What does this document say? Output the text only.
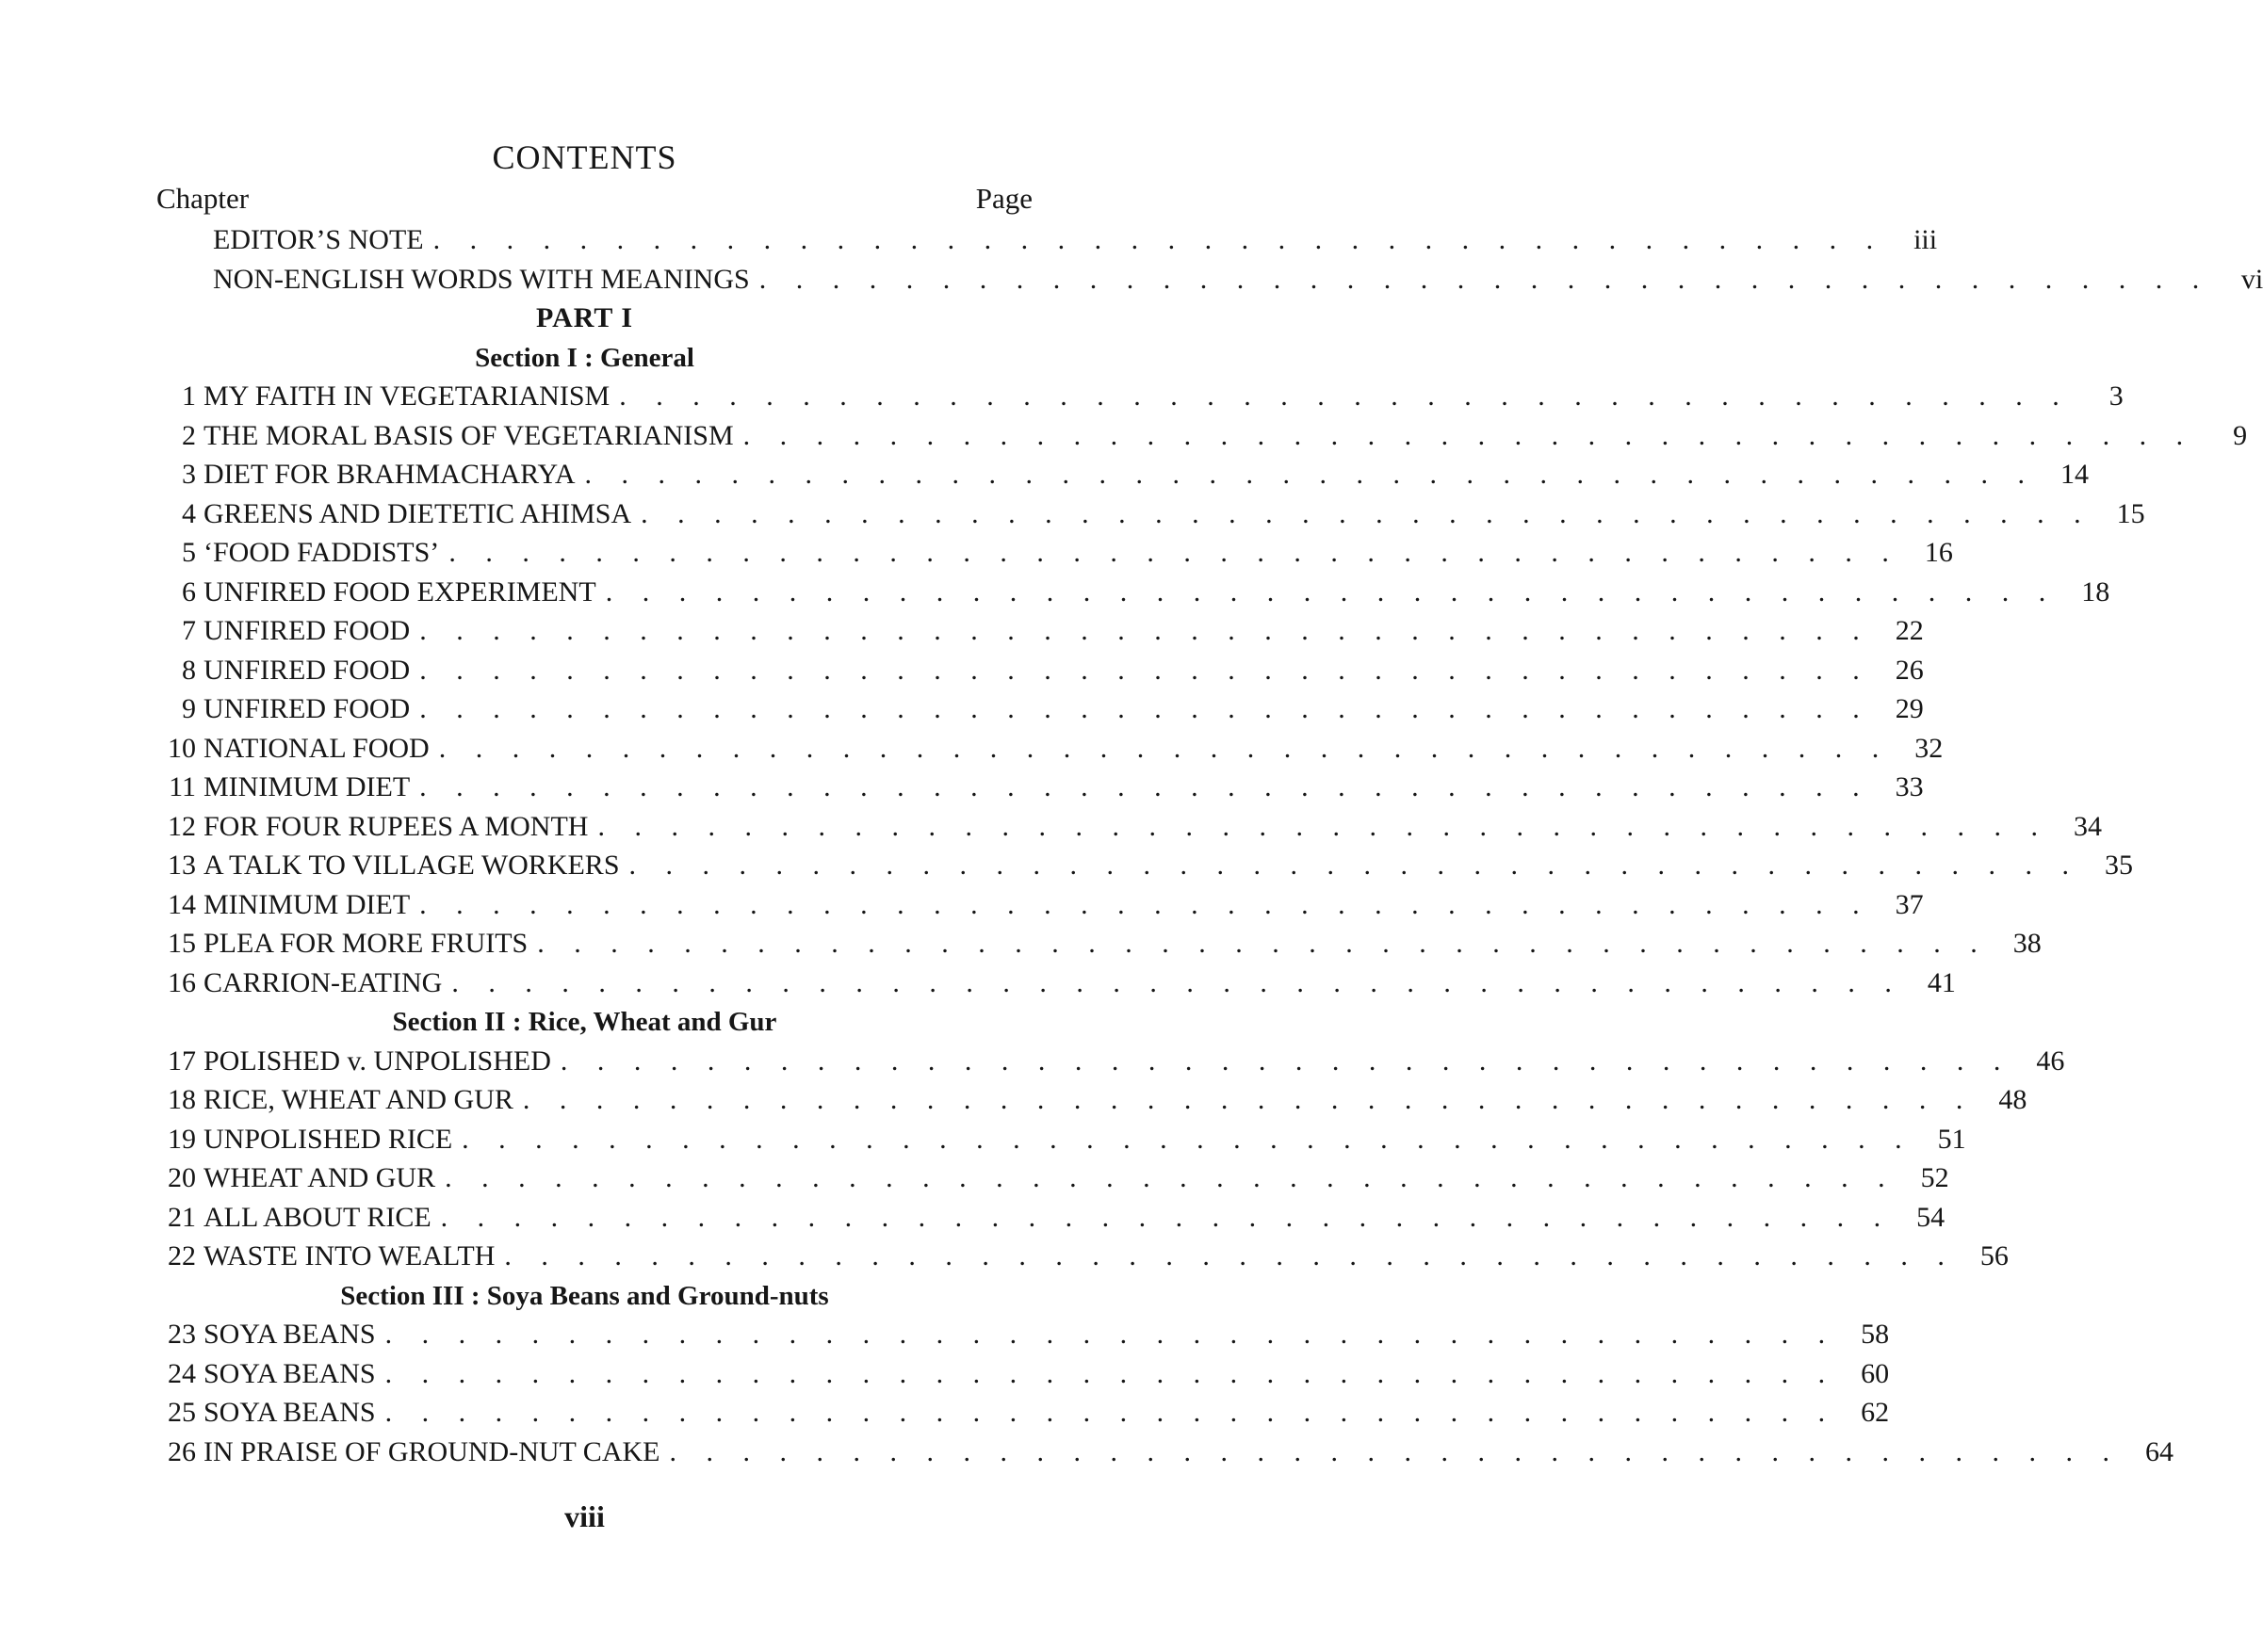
CONTENTS
Chapter	Page
EDITOR’S NOTE . . . . . . . . . . . . . . . . . . . . . . . . . . . . . . . . . . . . . . . .	iii
NON-ENGLISH WORDS WITH MEANINGS . . . . . . . . . . . . . . . . . . . . . . . . . . . . . . . . . . . . . . . .	vi
PART I
Section I : General
1 MY FAITH IN VEGETARIANISM . . . . . . . . . . . . . . . . . . . . . . . . . . . . . . . . . . . . . . . .	3
2 THE MORAL BASIS OF VEGETARIANISM . . . . . . . . . . . . . . . . . . . . . . . . . . . . . . . . . . . . . . . .	9
3 DIET FOR BRAHMACHARYA . . . . . . . . . . . . . . . . . . . . . . . . . . . . . . . . . . . . . . . . 14
4 GREENS AND DIETETIC AHIMSA . . . . . . . . . . . . . . . . . . . . . . . . . . . . . . . . . . . . . . . . 15
5 ‘FOOD FADDISTS’ . . . . . . . . . . . . . . . . . . . . . . . . . . . . . . . . . . . . . . . . 16
6 UNFIRED FOOD EXPERIMENT . . . . . . . . . . . . . . . . . . . . . . . . . . . . . . . . . . . . . . . . 18
7 UNFIRED FOOD . . . . . . . . . . . . . . . . . . . . . . . . . . . . . . . . . . . . . . . . 22
8 UNFIRED FOOD . . . . . . . . . . . . . . . . . . . . . . . . . . . . . . . . . . . . . . . . 26
9 UNFIRED FOOD . . . . . . . . . . . . . . . . . . . . . . . . . . . . . . . . . . . . . . . . 29
10 NATIONAL FOOD . . . . . . . . . . . . . . . . . . . . . . . . . . . . . . . . . . . . . . . . 32
11 MINIMUM DIET . . . . . . . . . . . . . . . . . . . . . . . . . . . . . . . . . . . . . . . . 33
12 FOR FOUR RUPEES A MONTH . . . . . . . . . . . . . . . . . . . . . . . . . . . . . . . . . . . . . . . . 34
13 A TALK TO VILLAGE WORKERS . . . . . . . . . . . . . . . . . . . . . . . . . . . . . . . . . . . . . . . . 35
14 MINIMUM DIET . . . . . . . . . . . . . . . . . . . . . . . . . . . . . . . . . . . . . . . . 37
15 PLEA FOR MORE FRUITS . . . . . . . . . . . . . . . . . . . . . . . . . . . . . . . . . . . . . . . . 38
16 CARRION-EATING . . . . . . . . . . . . . . . . . . . . . . . . . . . . . . . . . . . . . . . . 41
Section II : Rice, Wheat and Gur
17 POLISHED v. UNPOLISHED . . . . . . . . . . . . . . . . . . . . . . . . . . . . . . . . . . . . . . . . 46
18 RICE, WHEAT AND GUR . . . . . . . . . . . . . . . . . . . . . . . . . . . . . . . . . . . . . . . . 48
19 UNPOLISHED RICE . . . . . . . . . . . . . . . . . . . . . . . . . . . . . . . . . . . . . . . . 51
20 WHEAT AND GUR . . . . . . . . . . . . . . . . . . . . . . . . . . . . . . . . . . . . . . . . 52
21 ALL ABOUT RICE . . . . . . . . . . . . . . . . . . . . . . . . . . . . . . . . . . . . . . . . 54
22 WASTE INTO WEALTH . . . . . . . . . . . . . . . . . . . . . . . . . . . . . . . . . . . . . . . . 56
Section III : Soya Beans and Ground-nuts
23 SOYA BEANS . . . . . . . . . . . . . . . . . . . . . . . . . . . . . . . . . . . . . . . . 58
24 SOYA BEANS . . . . . . . . . . . . . . . . . . . . . . . . . . . . . . . . . . . . . . . . 60
25 SOYA BEANS . . . . . . . . . . . . . . . . . . . . . . . . . . . . . . . . . . . . . . . . 62
26 IN PRAISE OF GROUND-NUT CAKE . . . . . . . . . . . . . . . . . . . . . . . . . . . . . . . . . . . . . . . . 64
viii
